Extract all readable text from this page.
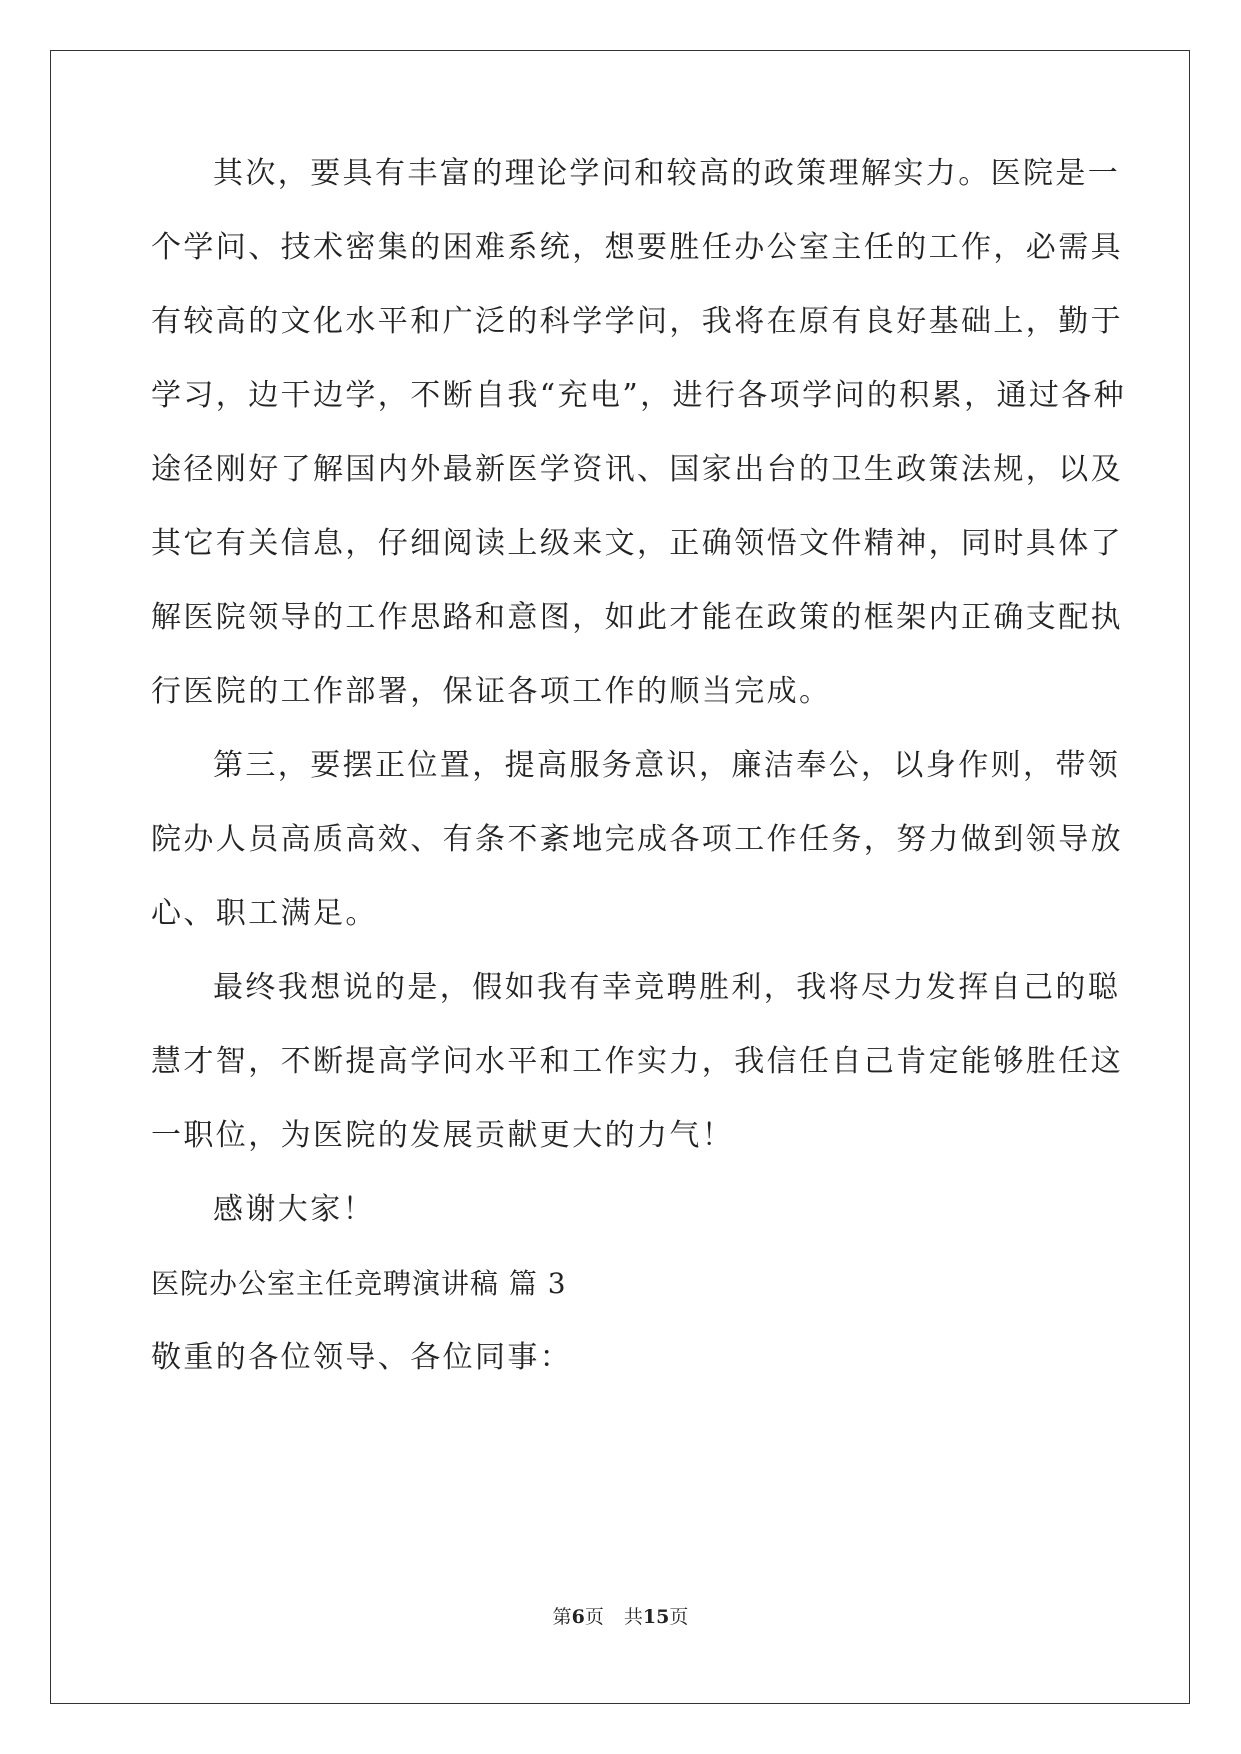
其次，要具有丰富的理论学问和较高的政策理解实力。医院是一
个学问、技术密集的困难系统，想要胜任办公室主任的工作，必需具
有较高的文化水平和广泛的科学学问，我将在原有良好基础上，勤于
学习，边干边学，不断自我“充电”，进行各项学问的积累，通过各种
途径刚好了解国内外最新医学资讯、国家出台的卫生政策法规，以及
其它有关信息，仔细阅读上级来文，正确领悟文件精神，同时具体了
解医院领导的工作思路和意图，如此才能在政策的框架内正确支配执
行医院的工作部署，保证各项工作的顺当完成。
第三，要摆正位置，提高服务意识，廉洁奉公，以身作则，带领
院办人员高质高效、有条不紊地完成各项工作任务，努力做到领导放
心、职工满足。
最终我想说的是，假如我有幸竞聘胜利，我将尽力发挥自己的聪
慧才智，不断提高学问水平和工作实力，我信任自己肯定能够胜任这
一职位，为医院的发展贡献更大的力气！
感谢大家！
医院办公室主任竞聘演讲稿 篇 3
敬重的各位领导、各位同事：
第6页 共15页
